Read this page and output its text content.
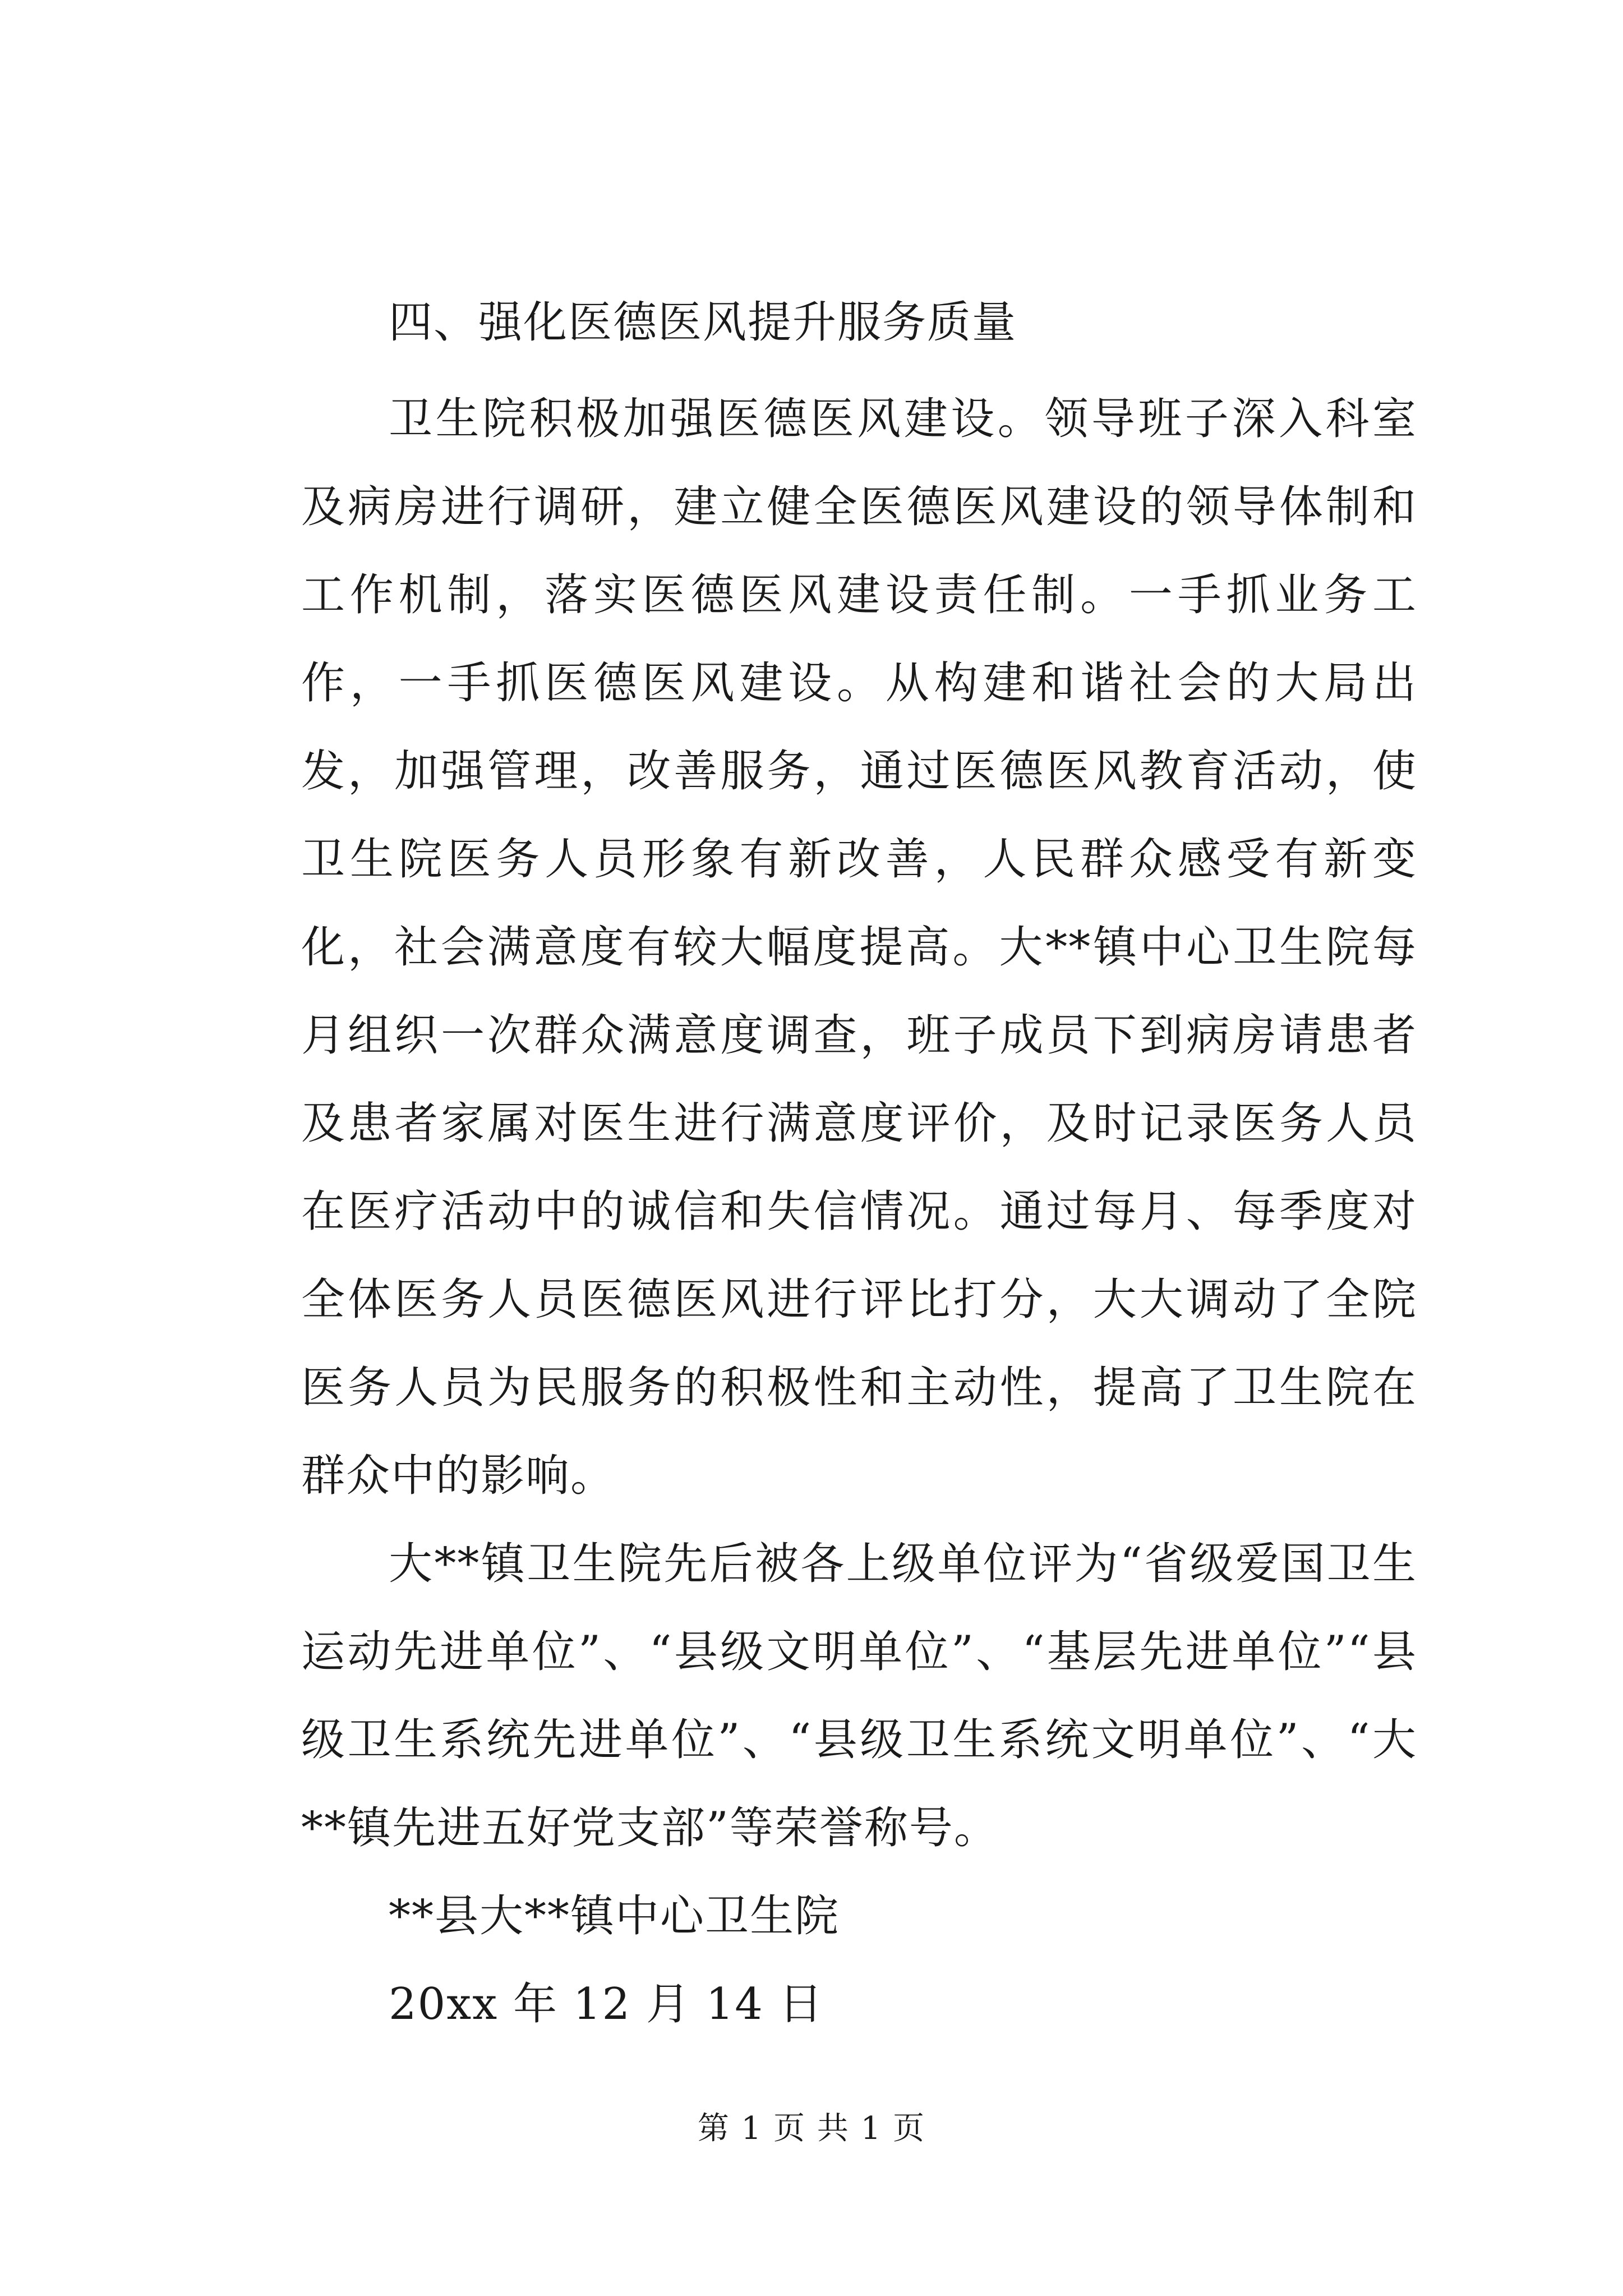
四、强化医德医风提升服务质量

卫生院积极加强医德医风建设。领导班子深入科室及病房进行调研，建立健全医德医风建设的领导体制和工作机制，落实医德医风建设责任制。一手抓业务工作，一手抓医德医风建设。从构建和谐社会的大局出发，加强管理，改善服务，通过医德医风教育活动，使卫生院医务人员形象有新改善，人民群众感受有新变化，社会满意度有较大幅度提高。大**镇中心卫生院每月组织一次群众满意度调查，班子成员下到病房请患者及患者家属对医生进行满意度评价，及时记录医务人员在医疗活动中的诚信和失信情况。通过每月、每季度对全体医务人员医德医风进行评比打分，大大调动了全院医务人员为民服务的积极性和主动性，提高了卫生院在群众中的影响。

大**镇卫生院先后被各上级单位评为“省级爱国卫生运动先进单位”、“县级文明单位”、“基层先进单位”“县级卫生系统先进单位”、“县级卫生系统文明单位”、“大**镇先进五好党支部”等荣誉称号。

**县大**镇中心卫生院

20xx 年 12 月 14 日

第 1 页 共 1 页
